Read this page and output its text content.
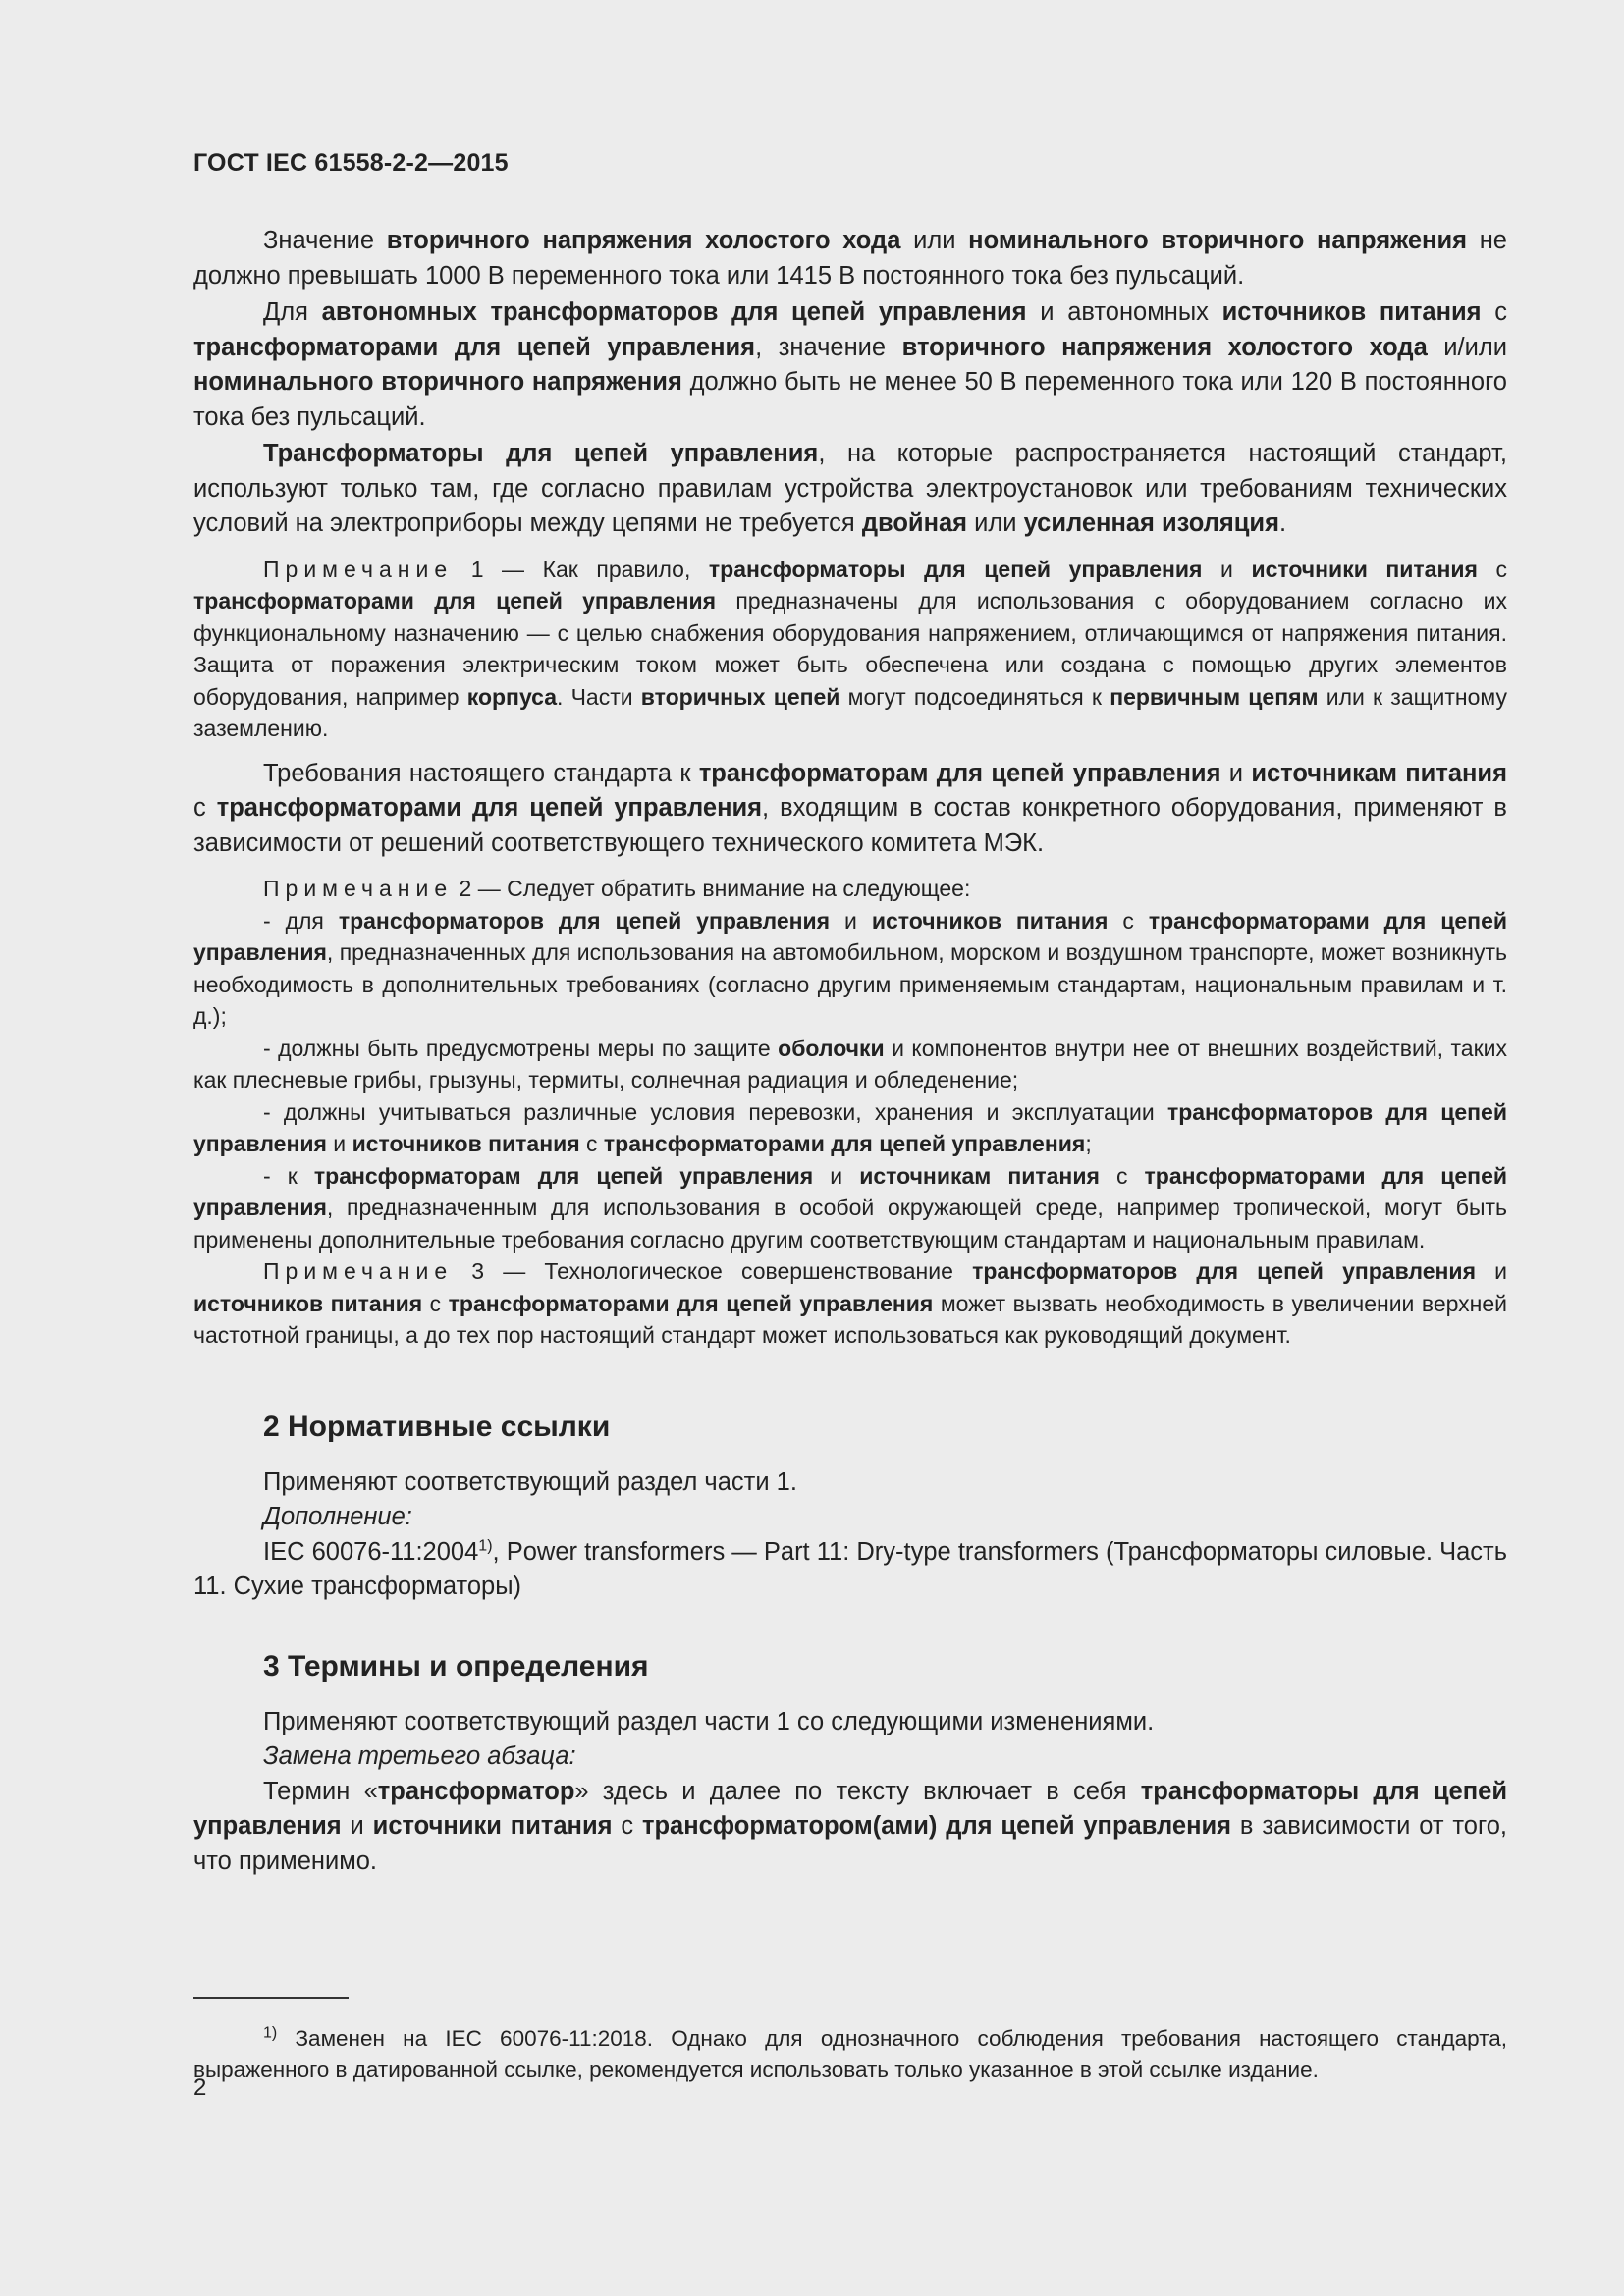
ГОСТ IEC 61558-2-2—2015

Значение вторичного напряжения холостого хода или номинального вторичного напряжения не должно превышать 1000 В переменного тока или 1415 В постоянного тока без пульсаций.

Для автономных трансформаторов для цепей управления и автономных источников питания с трансформаторами для цепей управления, значение вторичного напряжения холостого хода и/или номинального вторичного напряжения должно быть не менее 50 В переменного тока или 120 В постоянного тока без пульсаций.

Трансформаторы для цепей управления, на которые распространяется настоящий стандарт, используют только там, где согласно правилам устройства электроустановок или требованиям технических условий на электроприборы между цепями не требуется двойная или усиленная изоляция.

Примечание 1 — Как правило, трансформаторы для цепей управления и источники питания с трансформаторами для цепей управления предназначены для использования с оборудованием согласно их функциональному назначению — с целью снабжения оборудования напряжением, отличающимся от напряжения питания. Защита от поражения электрическим током может быть обеспечена или создана с помощью других элементов оборудования, например корпуса. Части вторичных цепей могут подсоединяться к первичным цепям или к защитному заземлению.

Требования настоящего стандарта к трансформаторам для цепей управления и источникам питания с трансформаторами для цепей управления, входящим в состав конкретного оборудования, применяют в зависимости от решений соответствующего технического комитета МЭК.

Примечание 2 — Следует обратить внимание на следующее:

- для трансформаторов для цепей управления и источников питания с трансформаторами для цепей управления, предназначенных для использования на автомобильном, морском и воздушном транспорте, может возникнуть необходимость в дополнительных требованиях (согласно другим применяемым стандартам, национальным правилам и т. д.);

- должны быть предусмотрены меры по защите оболочки и компонентов внутри нее от внешних воздействий, таких как плесневые грибы, грызуны, термиты, солнечная радиация и обледенение;

- должны учитываться различные условия перевозки, хранения и эксплуатации трансформаторов для цепей управления и источников питания с трансформаторами для цепей управления;

- к трансформаторам для цепей управления и источникам питания с трансформаторами для цепей управления, предназначенным для использования в особой окружающей среде, например тропической, могут быть применены дополнительные требования согласно другим соответствующим стандартам и национальным правилам.

Примечание 3 — Технологическое совершенствование трансформаторов для цепей управления и источников питания с трансформаторами для цепей управления может вызвать необходимость в увеличении верхней частотной границы, а до тех пор настоящий стандарт может использоваться как руководящий документ.

2 Нормативные ссылки

Применяют соответствующий раздел части 1.

Дополнение:

IEC 60076-11:2004$^{1)}$, Power transformers — Part 11: Dry-type transformers (Трансформаторы силовые. Часть 11. Сухие трансформаторы)

3 Термины и определения

Применяют соответствующий раздел части 1 со следующими изменениями.

Замена третьего абзаца:

Термин «трансформатор» здесь и далее по тексту включает в себя трансформаторы для цепей управления и источники питания с трансформатором(ами) для цепей управления в зависимости от того, что применимо.

$^{1)}$ Заменен на IEC 60076-11:2018. Однако для однозначного соблюдения требования настоящего стандарта, выраженного в датированной ссылке, рекомендуется использовать только указанное в этой ссылке издание.

2
